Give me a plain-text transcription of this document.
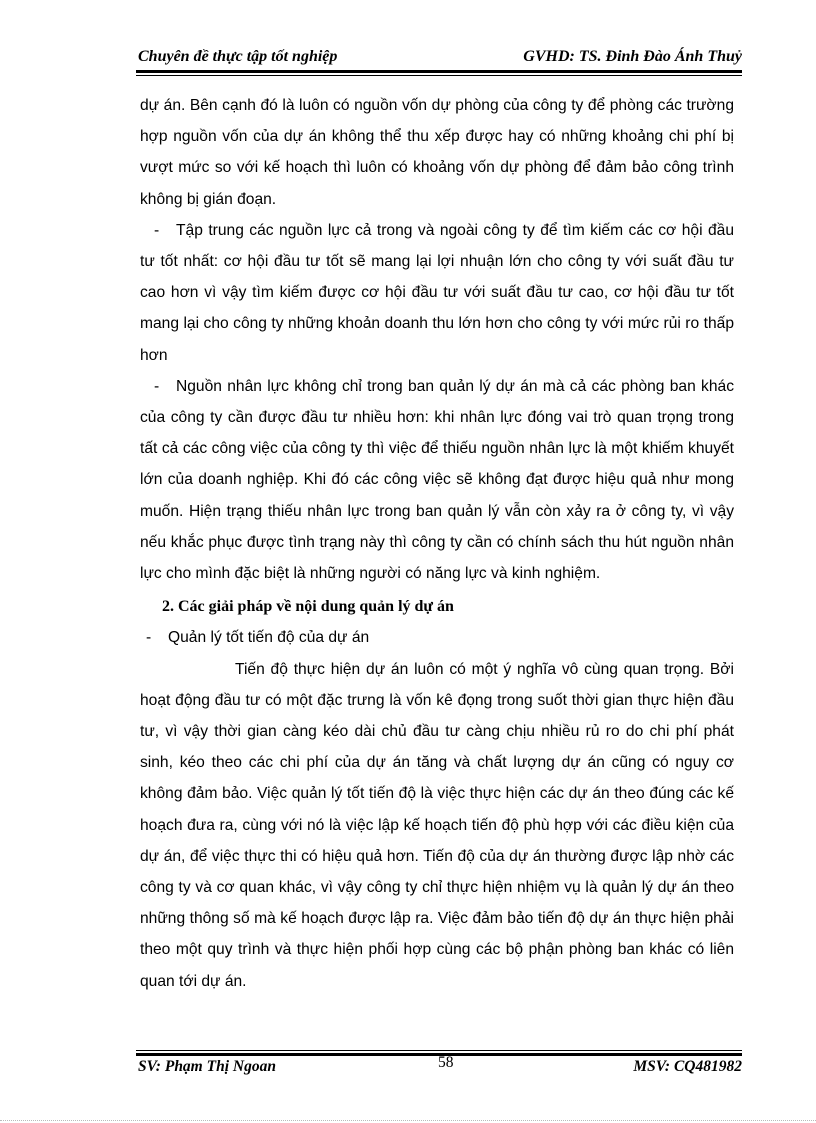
Chuyên đề thực tập tốt nghiệp	GVHD: TS. Đinh Đào Ánh Thuỷ

dự án. Bên cạnh đó là luôn có nguồn vốn dự phòng của công ty để phòng các trường hợp nguồn vốn của dự án không thể thu xếp được hay có những khoảng chi phí bị vượt mức so với kế hoạch thì luôn có khoảng vốn dự phòng để đảm bảo công trình không bị gián đoạn.

- Tập trung các nguồn lực cả trong và ngoài công ty để tìm kiếm các cơ hội đầu tư tốt nhất: cơ hội đầu tư tốt sẽ mang lại lợi nhuận lớn cho công ty với suất đầu tư cao hơn vì vậy tìm kiếm được cơ hội đầu tư với suất đầu tư cao, cơ hội đầu tư tốt mang lại cho công ty những khoản doanh thu lớn hơn cho công ty với mức rủi ro thấp hơn

- Nguồn nhân lực không chỉ trong ban quản lý dự án mà cả các phòng ban khác của công ty cần được đầu tư nhiều hơn: khi nhân lực đóng vai trò quan trọng trong tất cả các công việc của công ty thì việc để thiếu nguồn nhân lực là một khiếm khuyết lớn của doanh nghiệp. Khi đó các công việc sẽ không đạt được hiệu quả như mong muốn. Hiện trạng thiếu nhân lực trong ban quản lý vẫn còn xảy ra ở công ty, vì vậy nếu khắc phục được tình trạng này thì công ty cần có chính sách thu hút nguồn nhân lực cho mình đặc biệt là những người có năng lực và kinh nghiệm.

2. Các giải pháp về nội dung quản lý dự án

- Quản lý tốt tiến độ của dự án

Tiến độ thực hiện dự án luôn có một ý nghĩa vô cùng quan trọng. Bởi hoạt động đầu tư có một đặc trưng là vốn kê đọng trong suốt thời gian thực hiện đầu tư, vì vậy thời gian càng kéo dài chủ đầu tư càng chịu nhiều rủ ro do chi phí phát sinh, kéo theo các chi phí của dự án tăng và chất lượng dự án cũng có nguy cơ không đảm bảo. Việc quản lý tốt tiến độ là việc thực hiện các dự án theo đúng các kế hoạch đưa ra, cùng với nó là việc lập kế hoạch tiến độ phù hợp với các điều kiện của dự án, để việc thực thi có hiệu quả hơn. Tiến độ của dự án thường được lập nhờ các công ty và cơ quan khác, vì vậy công ty chỉ thực hiện nhiệm vụ là quản lý dự án theo những thông số mà kế hoạch được lập ra. Việc đảm bảo tiến độ dự án thực hiện phải theo một quy trình và thực hiện phối hợp cùng các bộ phận phòng ban khác có liên quan tới dự án.

SV: Phạm Thị Ngoan	58	MSV: CQ481982
